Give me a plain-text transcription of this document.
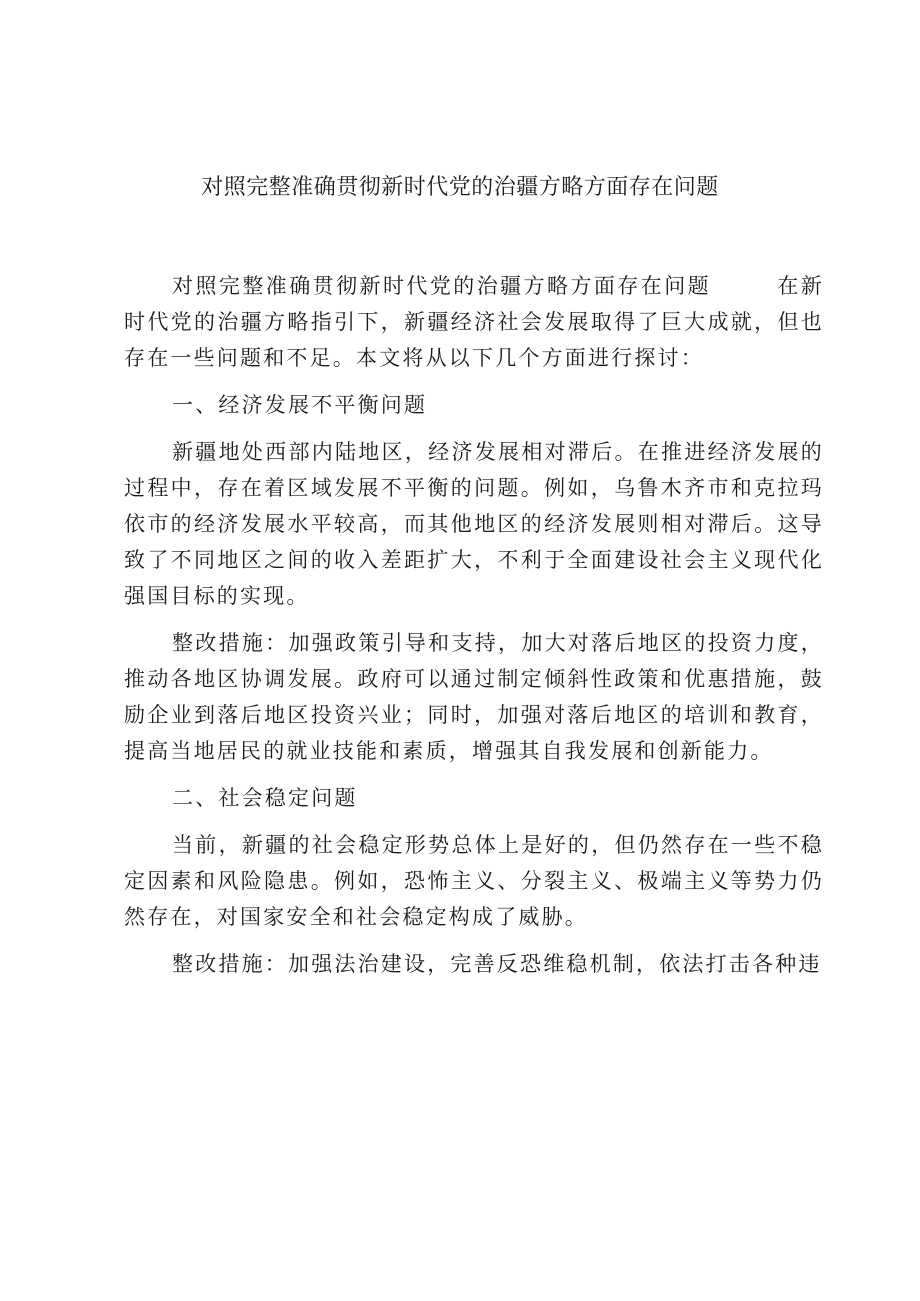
对照完整准确贯彻新时代党的治疆方略方面存在问题

对照完整准确贯彻新时代党的治疆方略方面存在问题	在新时代党的治疆方略指引下，新疆经济社会发展取得了巨大成就，但也存在一些问题和不足。本文将从以下几个方面进行探讨：

一、经济发展不平衡问题

新疆地处西部内陆地区，经济发展相对滞后。在推进经济发展的过程中，存在着区域发展不平衡的问题。例如，乌鲁木齐市和克拉玛依市的经济发展水平较高，而其他地区的经济发展则相对滞后。这导致了不同地区之间的收入差距扩大，不利于全面建设社会主义现代化强国目标的实现。

整改措施：加强政策引导和支持，加大对落后地区的投资力度，推动各地区协调发展。政府可以通过制定倾斜性政策和优惠措施，鼓励企业到落后地区投资兴业；同时，加强对落后地区的培训和教育，提高当地居民的就业技能和素质，增强其自我发展和创新能力。

二、社会稳定问题

当前，新疆的社会稳定形势总体上是好的，但仍然存在一些不稳定因素和风险隐患。例如，恐怖主义、分裂主义、极端主义等势力仍然存在，对国家安全和社会稳定构成了威胁。

整改措施：加强法治建设，完善反恐维稳机制，依法打击各种违
